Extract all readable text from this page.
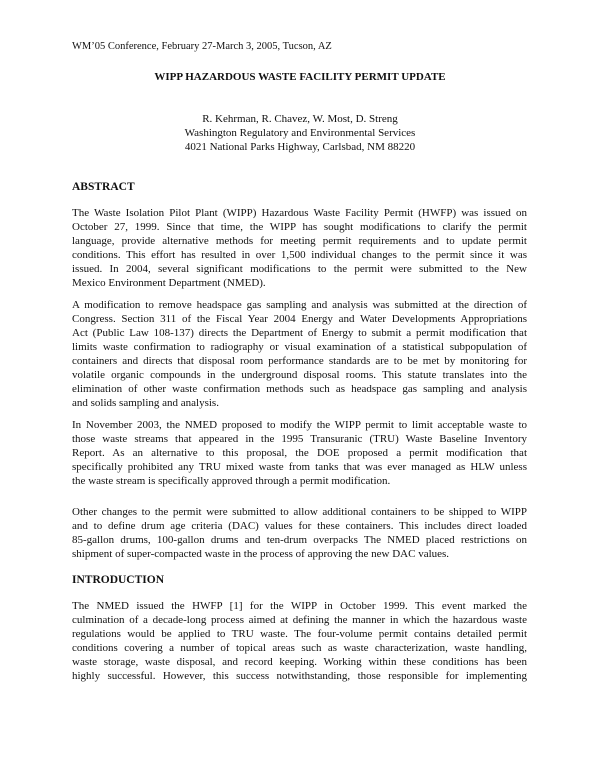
WM’05 Conference, February 27-March 3, 2005, Tucson, AZ
WIPP HAZARDOUS WASTE FACILITY PERMIT UPDATE
R. Kehrman, R. Chavez, W. Most, D. Streng
Washington Regulatory and Environmental Services
4021 National Parks Highway, Carlsbad, NM 88220
ABSTRACT
The Waste Isolation Pilot Plant (WIPP) Hazardous Waste Facility Permit (HWFP) was issued on
October 27, 1999. Since that time, the WIPP has sought modifications to clarify the permit
language, provide alternative methods for meeting permit requirements and to update permit
conditions. This effort has resulted in over 1,500 individual changes to the permit since it was
issued. In 2004, several significant modifications to the permit were submitted to the New
Mexico Environment Department (NMED).
A modification to remove headspace gas sampling and analysis was submitted at the direction of
Congress. Section 311 of the Fiscal Year 2004 Energy and Water Developments Appropriations
Act (Public Law 108-137) directs the Department of Energy to submit a permit modification that
limits waste confirmation to radiography or visual examination of a statistical subpopulation of
containers and directs that disposal room performance standards are to be met by monitoring for
volatile organic compounds in the underground disposal rooms. This statute translates into the
elimination of other waste confirmation methods such as headspace gas sampling and analysis
and solids sampling and analysis.
In November 2003, the NMED proposed to modify the WIPP permit to limit acceptable waste to
those waste streams that appeared in the 1995 Transuranic (TRU) Waste Baseline Inventory
Report. As an alternative to this proposal, the DOE proposed a permit modification that
specifically prohibited any TRU mixed waste from tanks that was ever managed as HLW unless
the waste stream is specifically approved through a permit modification.
Other changes to the permit were submitted to allow additional containers to be shipped to WIPP
and to define drum age criteria (DAC) values for these containers. This includes direct loaded
85-gallon drums, 100-gallon drums and ten-drum overpacks The NMED placed restrictions on
shipment of super-compacted waste in the process of approving the new DAC values.
INTRODUCTION
The NMED issued the HWFP [1] for the WIPP in October 1999. This event marked the
culmination of a decade-long process aimed at defining the manner in which the hazardous waste
regulations would be applied to TRU waste. The four-volume permit contains detailed permit
conditions covering a number of topical areas such as waste characterization, waste handling,
waste storage, waste disposal, and record keeping. Working within these conditions has been
highly successful. However, this success notwithstanding, those responsible for implementing
